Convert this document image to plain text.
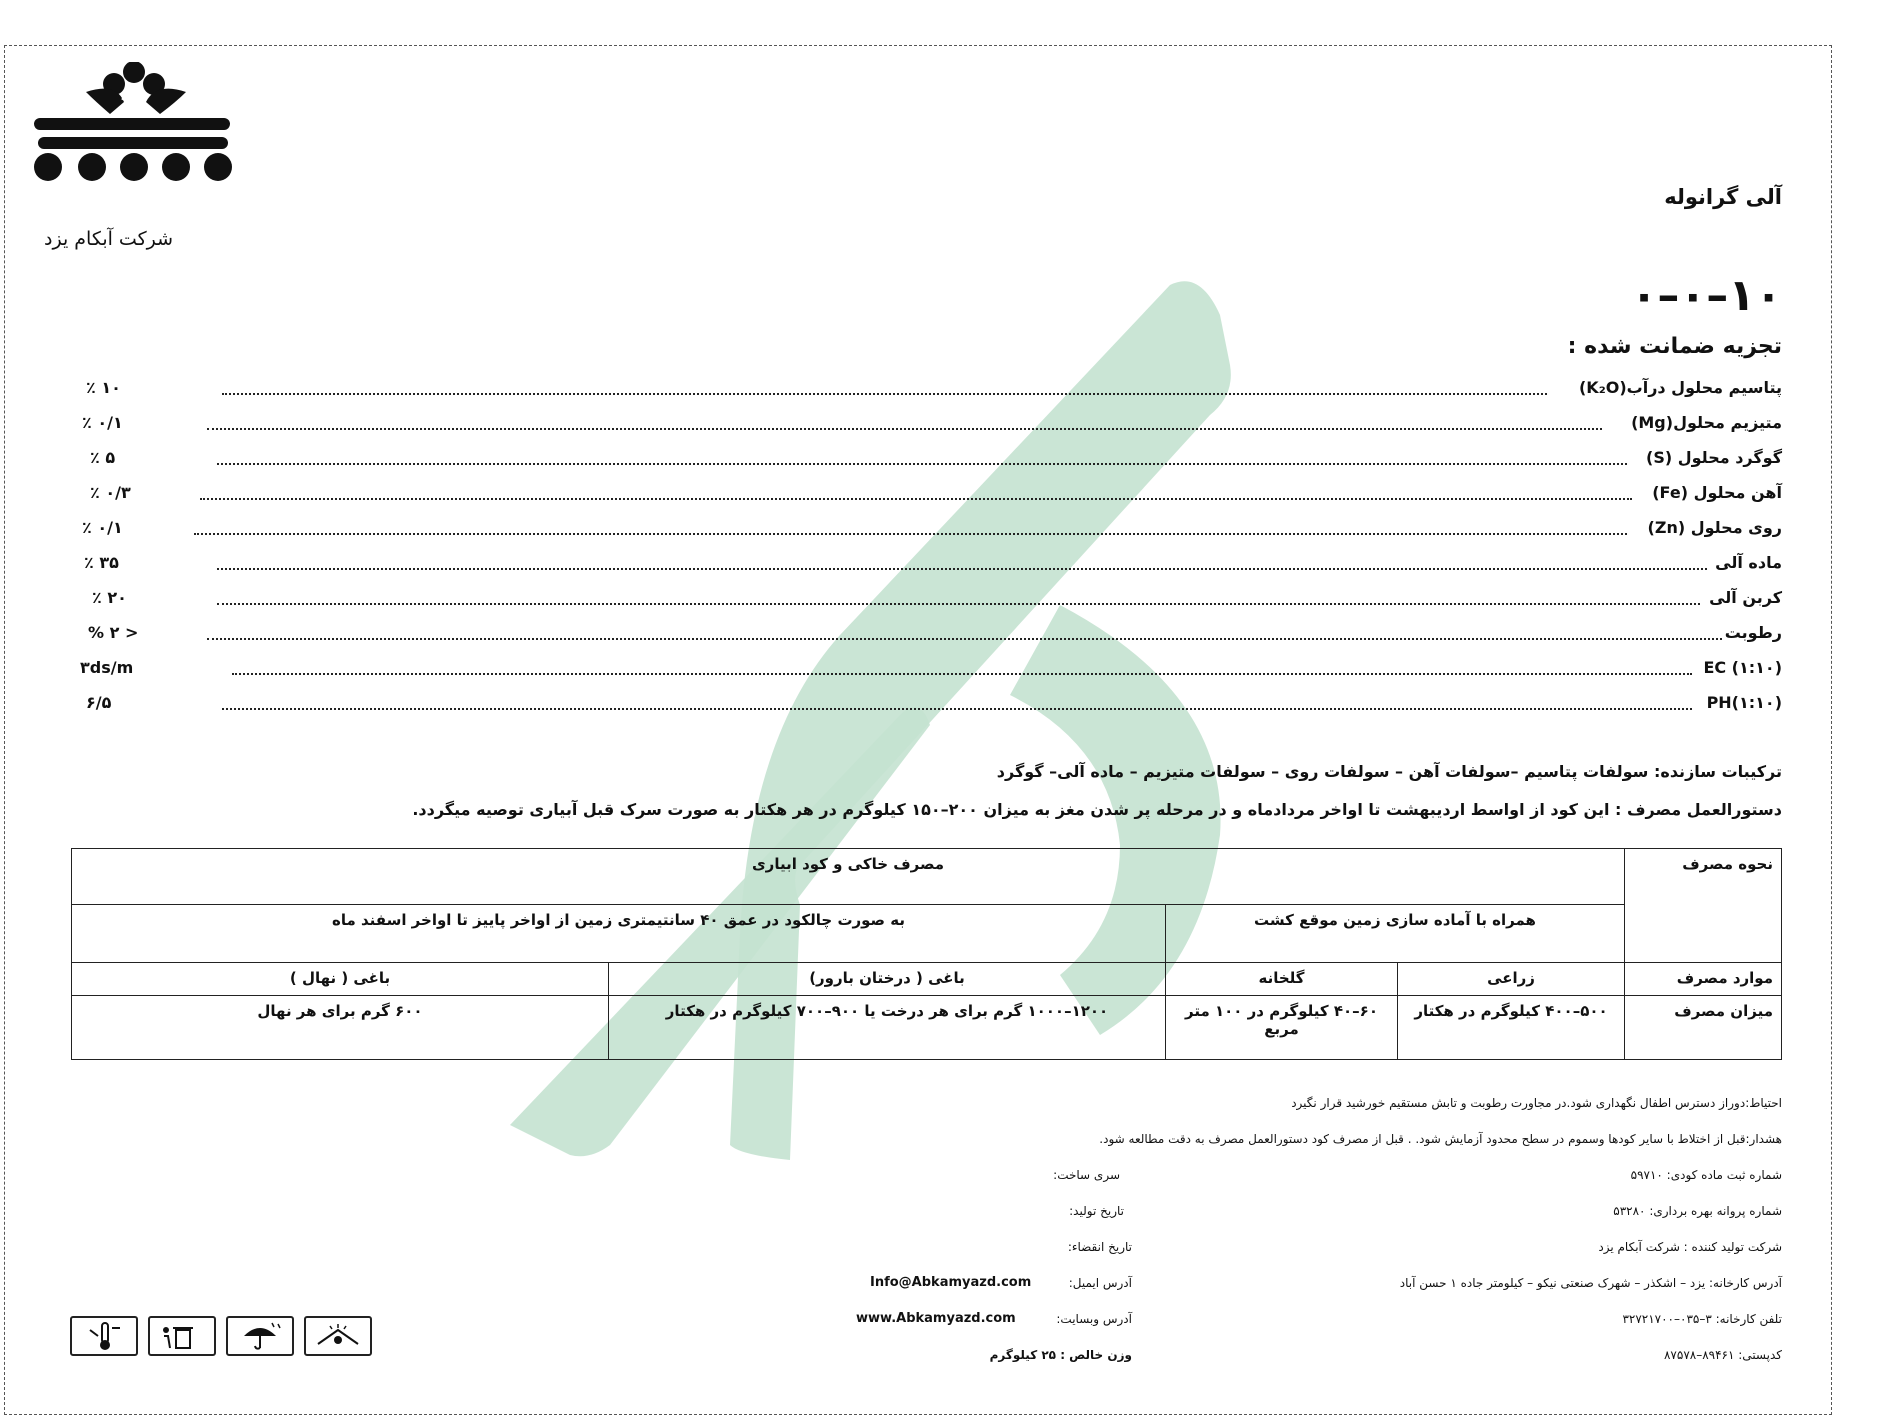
شرکت آبکام یزد
آلی گرانوله
۱۰–۰–۰
تجزیه ضمانت شده :
پتاسیم محلول درآب(K₂O)
۱۰ ٪
متیزیم محلول(Mg)
۰/۱ ٪
گوگرد محلول (S)
۵ ٪
آهن محلول (Fe)
۰/۳ ٪
روی محلول (Zn)
۰/۱ ٪
ماده آلی
۳۵ ٪
کربن آلی
۲۰ ٪
رطوبت
< ۲ %
EC (۱:۱۰)
۳ds/m
PH(۱:۱۰)
۶/۵
ترکیبات سازنده: سولفات پتاسیم –سولفات آهن – سولفات روی – سولفات متیزیم – ماده آلی– گوگرد
دستورالعمل مصرف : این کود از اواسط اردیبهشت تا اواخر مردادماه و در مرحله پر شدن مغز به میزان ۲۰۰–۱۵۰ کیلوگرم در هر هکتار به صورت سرک قبل آبیاری توصیه میگردد.
نحوه مصرف	مصرف خاکی و کود ابیاری			
	همراه با آماده سازی زمین موقع کشت		به صورت چالکود در عمق ۴۰ سانتیمتری زمین از اواخر پاییز تا اواخر اسفند ماه	
موارد مصرف	زراعی	گلخانه	باغی ( درختان بارور)	باغی ( نهال )
میزان مصرف	۵۰۰–۴۰۰ کیلوگرم در هکتار	۶۰–۴۰ کیلوگرم در ۱۰۰ متر مربع	۱۲۰۰–۱۰۰۰ گرم برای هر درخت یا ۹۰۰–۷۰۰ کیلوگرم در هکتار	۶۰۰ گرم برای هر نهال
احتیاط:دوراز دسترس اطفال نگهداری شود.در مجاورت رطوبت و تابش مستقیم خورشید قرار نگیرد
هشدار:قبل از اختلاط با سایر کودها وسموم در سطح محدود آزمایش شود. . قبل از مصرف کود دستورالعمل مصرف به دقت مطالعه شود.
شماره ثبت ماده کودی: ۵۹۷۱۰
شماره پروانه بهره برداری: ۵۳۲۸۰
شرکت تولید کننده : شرکت آبکام یزد
آدرس کارخانه: یزد – اشکذر – شهرک صنعتی نیکو – کیلومتر جاده ۱ حسن آباد
تلفن کارخانه: ۳–۰۳۵–۳۲۷۲۱۷۰۰
کدپستی: ۸۹۴۶۱–۸۷۵۷۸
سری ساخت:
تاریخ تولید:
تاریخ انقضاء:
آدرس ایمیل:
Info@Abkamyazd.com
آدرس وبسایت:
www.Abkamyazd.com
وزن خالص : ۲۵ کیلوگرم
